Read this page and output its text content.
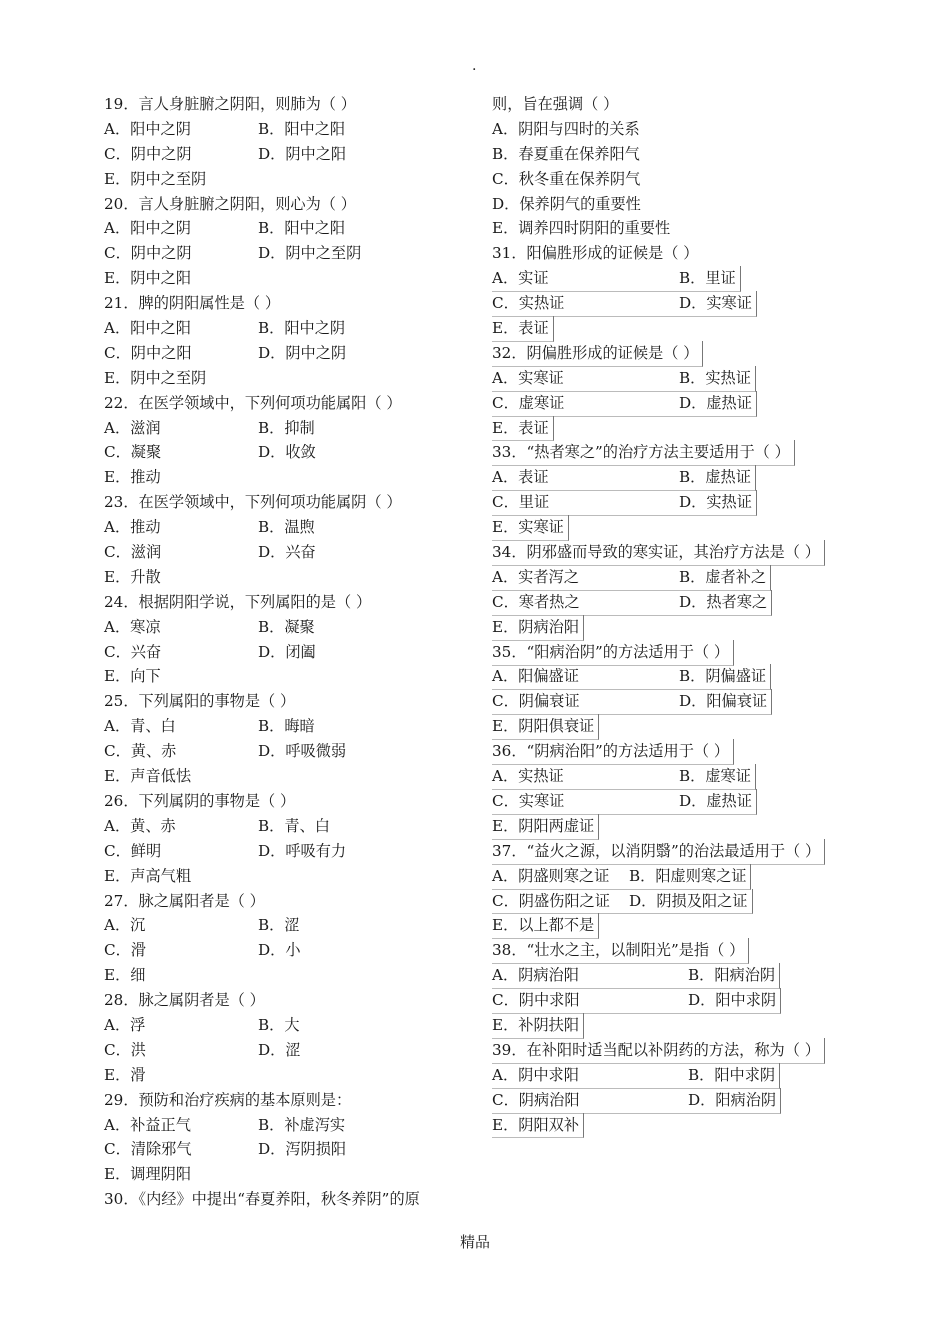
.
19．言人身脏腑之阴阳，则肺为（ ）
A．阳中之阴	B．阳中之阳
C．阴中之阴	D．阴中之阳
E．阴中之至阴
20．言人身脏腑之阴阳，则心为（ ）
A．阳中之阴	B．阳中之阳
C．阴中之阴	D．阴中之至阴
E．阴中之阳
21．脾的阴阳属性是（ ）
A．阳中之阳	B．阳中之阴
C．阴中之阳	D．阴中之阴
E．阴中之至阴
22．在医学领域中，下列何项功能属阳（ ）
A．滋润	B．抑制
C．凝聚	D．收敛
E．推动
23．在医学领域中，下列何项功能属阴（ ）
A．推动	B．温煦
C．滋润	D．兴奋
E．升散
24．根据阴阳学说，下列属阳的是（ ）
A．寒凉	B．凝聚
C．兴奋	D．闭阖
E．向下
25．下列属阳的事物是（ ）
A．青、白	B．晦暗
C．黄、赤	D．呼吸微弱
E．声音低怯
26．下列属阴的事物是（ ）
A．黄、赤	B．青、白
C．鲜明	D．呼吸有力
E．声高气粗
27．脉之属阳者是（ ）
A．沉	B．涩
C．滑	D．小
E．细
28．脉之属阴者是（ ）
A．浮	B．大
C．洪	D．涩
E．滑
29．预防和治疗疾病的基本原则是：
A．补益正气	B．补虚泻实
C．清除邪气	D．泻阴损阳
E．调理阴阳
30．《内经》中提出“春夏养阳，秋冬养阴”的原
则，旨在强调（ ）
A．阴阳与四时的关系
B．春夏重在保养阳气
C．秋冬重在保养阴气
D．保养阴气的重要性
E．调养四时阴阳的重要性
31．阳偏胜形成的证候是（ ）
A．实证	B．里证
C．实热证	D．实寒证
E．表证
32．阴偏胜形成的证候是（ ）
A．实寒证	B．实热证
C．虚寒证	D．虚热证
E．表证
33．“热者寒之”的治疗方法主要适用于（ ）
A．表证	B．虚热证
C．里证	D．实热证
E．实寒证
34．阴邪盛而导致的寒实证，其治疗方法是（ ）
A．实者泻之	B．虚者补之
C．寒者热之	D．热者寒之
E．阴病治阳
35．“阳病治阴”的方法适用于（ ）
A．阳偏盛证	B．阴偏盛证
C．阴偏衰证	D．阳偏衰证
E．阴阳俱衰证
36．“阴病治阳”的方法适用于（ ）
A．实热证	B．虚寒证
C．实寒证	D．虚热证
E．阴阳两虚证
37．“益火之源，以消阴翳”的治法最适用于（ ）
A．阴盛则寒之证 B．阳虚则寒之证
C．阴盛伤阳之证 D．阴损及阳之证
E．以上都不是
38．“壮水之主，以制阳光”是指（ ）
A．阴病治阳	B．阳病治阴
C．阴中求阳	D．阳中求阴
E．补阴扶阳
39．在补阳时适当配以补阴药的方法，称为（ ）
A．阴中求阳	B．阳中求阴
C．阴病治阳	D．阳病治阴
E．阴阳双补
精品
